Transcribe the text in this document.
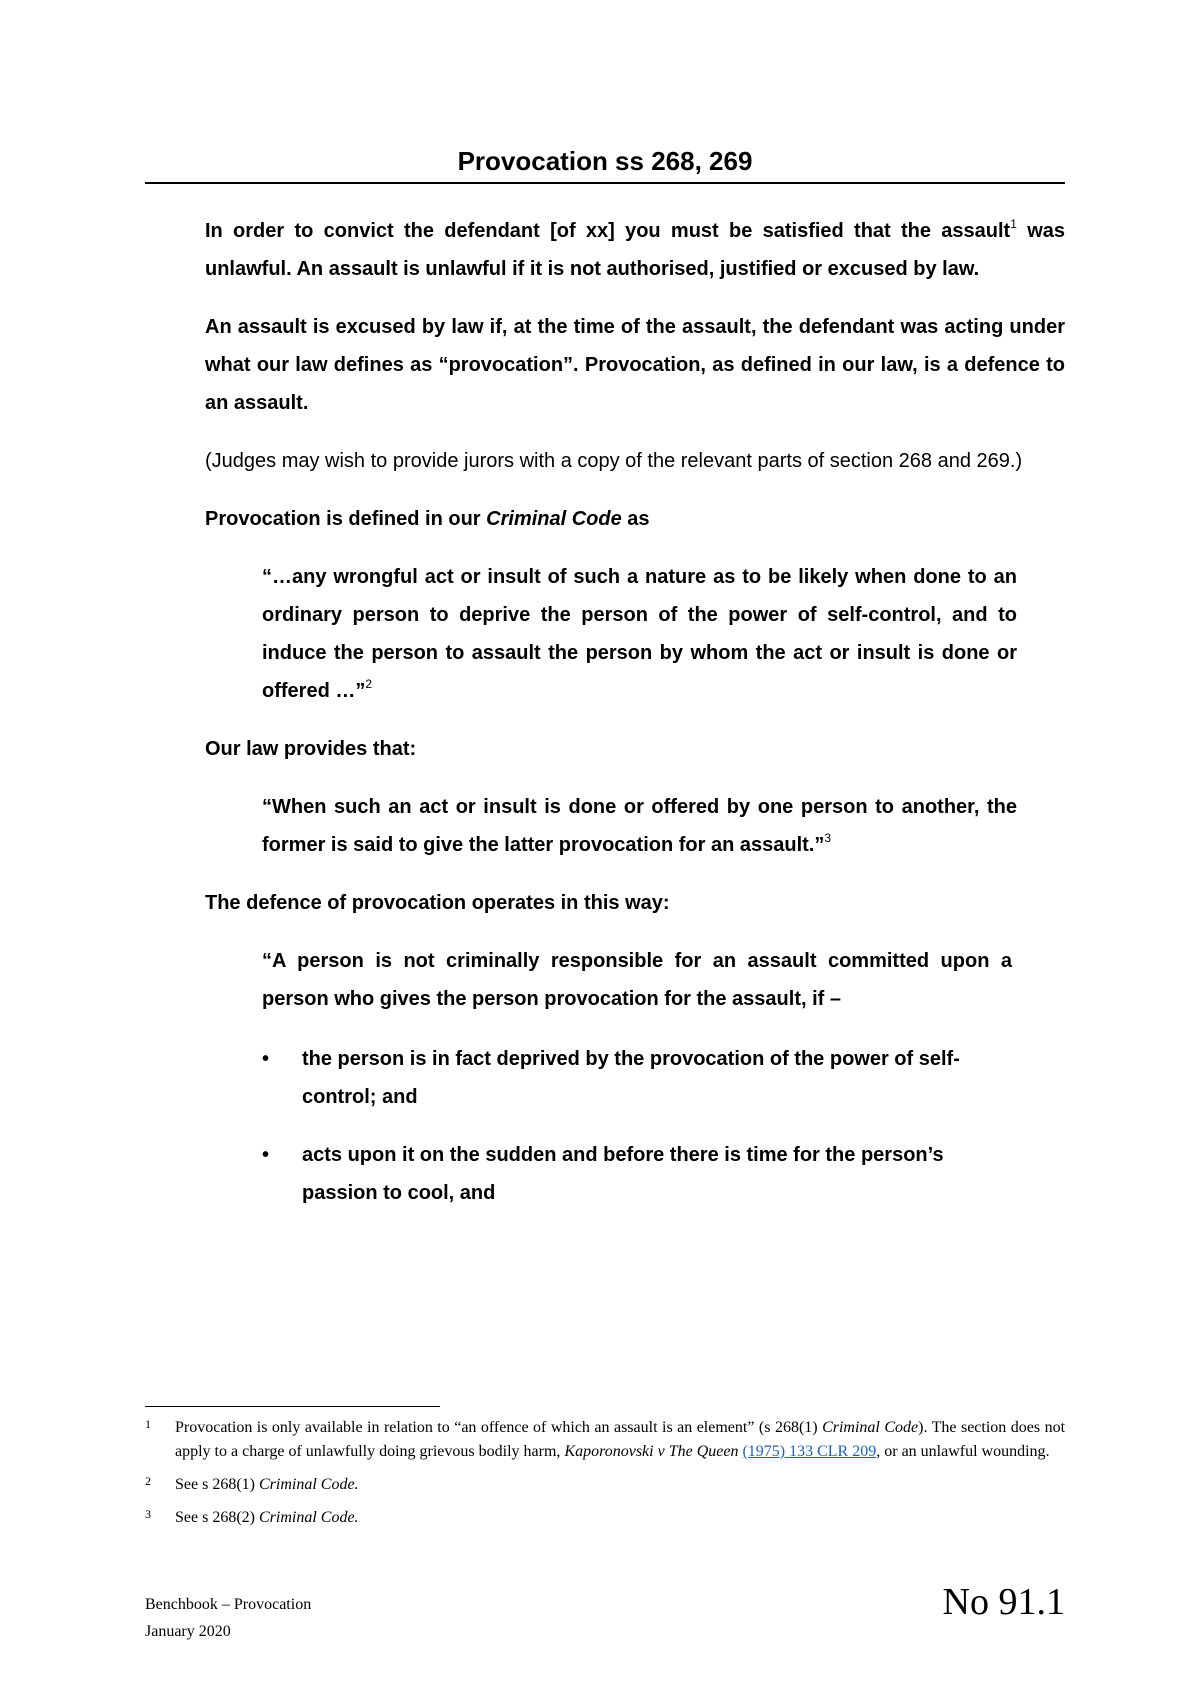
Provocation ss 268, 269

In order to convict the defendant [of xx] you must be satisfied that the assault$^1$ was unlawful. An assault is unlawful if it is not authorised, justified or excused by law.

An assault is excused by law if, at the time of the assault, the defendant was acting under what our law defines as “provocation”. Provocation, as defined in our law, is a defence to an assault.

(Judges may wish to provide jurors with a copy of the relevant parts of section 268 and 269.)

Provocation is defined in our Criminal Code as

“…any wrongful act or insult of such a nature as to be likely when done to an ordinary person to deprive the person of the power of self-control, and to induce the person to assault the person by whom the act or insult is done or offered …”$^2$

Our law provides that:

“When such an act or insult is done or offered by one person to another, the former is said to give the latter provocation for an assault.”$^3$

The defence of provocation operates in this way:

“A person is not criminally responsible for an assault committed upon a person who gives the person provocation for the assault, if –

• the person is in fact deprived by the provocation of the power of self-control; and
• acts upon it on the sudden and before there is time for the person’s passion to cool, and
1	Provocation is only available in relation to “an offence of which an assault is an element” (s 268(1) Criminal Code). The section does not apply to a charge of unlawfully doing grievous bodily harm, Kaporonovski v The Queen (1975) 133 CLR 209, or an unlawful wounding.
2	See s 268(1) Criminal Code.
3	See s 268(2) Criminal Code.
Benchbook – Provocation
January 2020
No 91.1
